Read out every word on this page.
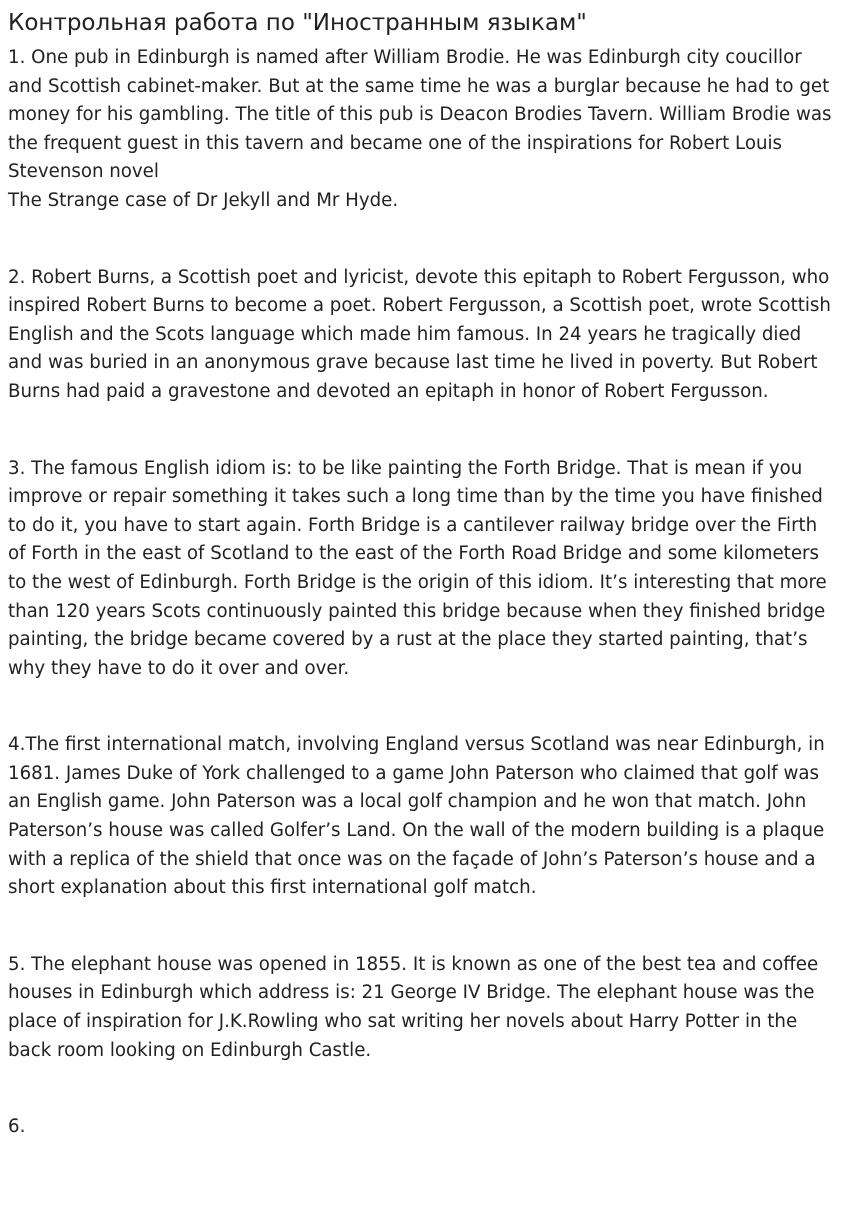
Контрольная работа по "Иностранным языкам"

1. One pub in Edinburgh is named after William Brodie. He was Edinburgh city coucillor and Scottish cabinet-maker. But at the same time he was a burglar because he had to get money for his gambling. The title of this pub is Deacon Brodies Tavern. William Brodie was the frequent guest in this tavern and became one of the inspirations for Robert Louis Stevenson novel
The Strange case of Dr Jekyll and Mr Hyde.

2. Robert Burns, a Scottish poet and lyricist, devote this epitaph to Robert Fergusson, who inspired Robert Burns to become a poet. Robert Fergusson, a Scottish poet, wrote Scottish English and the Scots language which made him famous. In 24 years he tragically died and was buried in an anonymous grave because last time he lived in poverty. But Robert Burns had paid a gravestone and devoted an epitaph in honor of Robert Fergusson.

3. The famous English idiom is: to be like painting the Forth Bridge. That is mean if you improve or repair something it takes such a long time than by the time you have finished to do it, you have to start again. Forth Bridge is a cantilever railway bridge over the Firth of Forth in the east of Scotland to the east of the Forth Road Bridge and some kilometers to the west of Edinburgh. Forth Bridge is the origin of this idiom. It’s interesting that more than 120 years Scots continuously painted this bridge because when they finished bridge painting, the bridge became covered by a rust at the place they started painting, that’s why they have to do it over and over.

4.The first international match, involving England versus Scotland was near Edinburgh, in 1681. James Duke of York challenged to a game John Paterson who claimed that golf was an English game. John Paterson was a local golf champion and he won that match. John Paterson’s house was called Golfer’s Land. On the wall of the modern building is a plaque with a replica of the shield that once was on the façade of John’s Paterson’s house and a short explanation about this first international golf match.

5. The elephant house was opened in 1855. It is known as one of the best tea and coffee houses in Edinburgh which address is: 21 George IV Bridge. The elephant house was the place of inspiration for J.K.Rowling who sat writing her novels about Harry Potter in the back room looking on Edinburgh Castle.

6.
